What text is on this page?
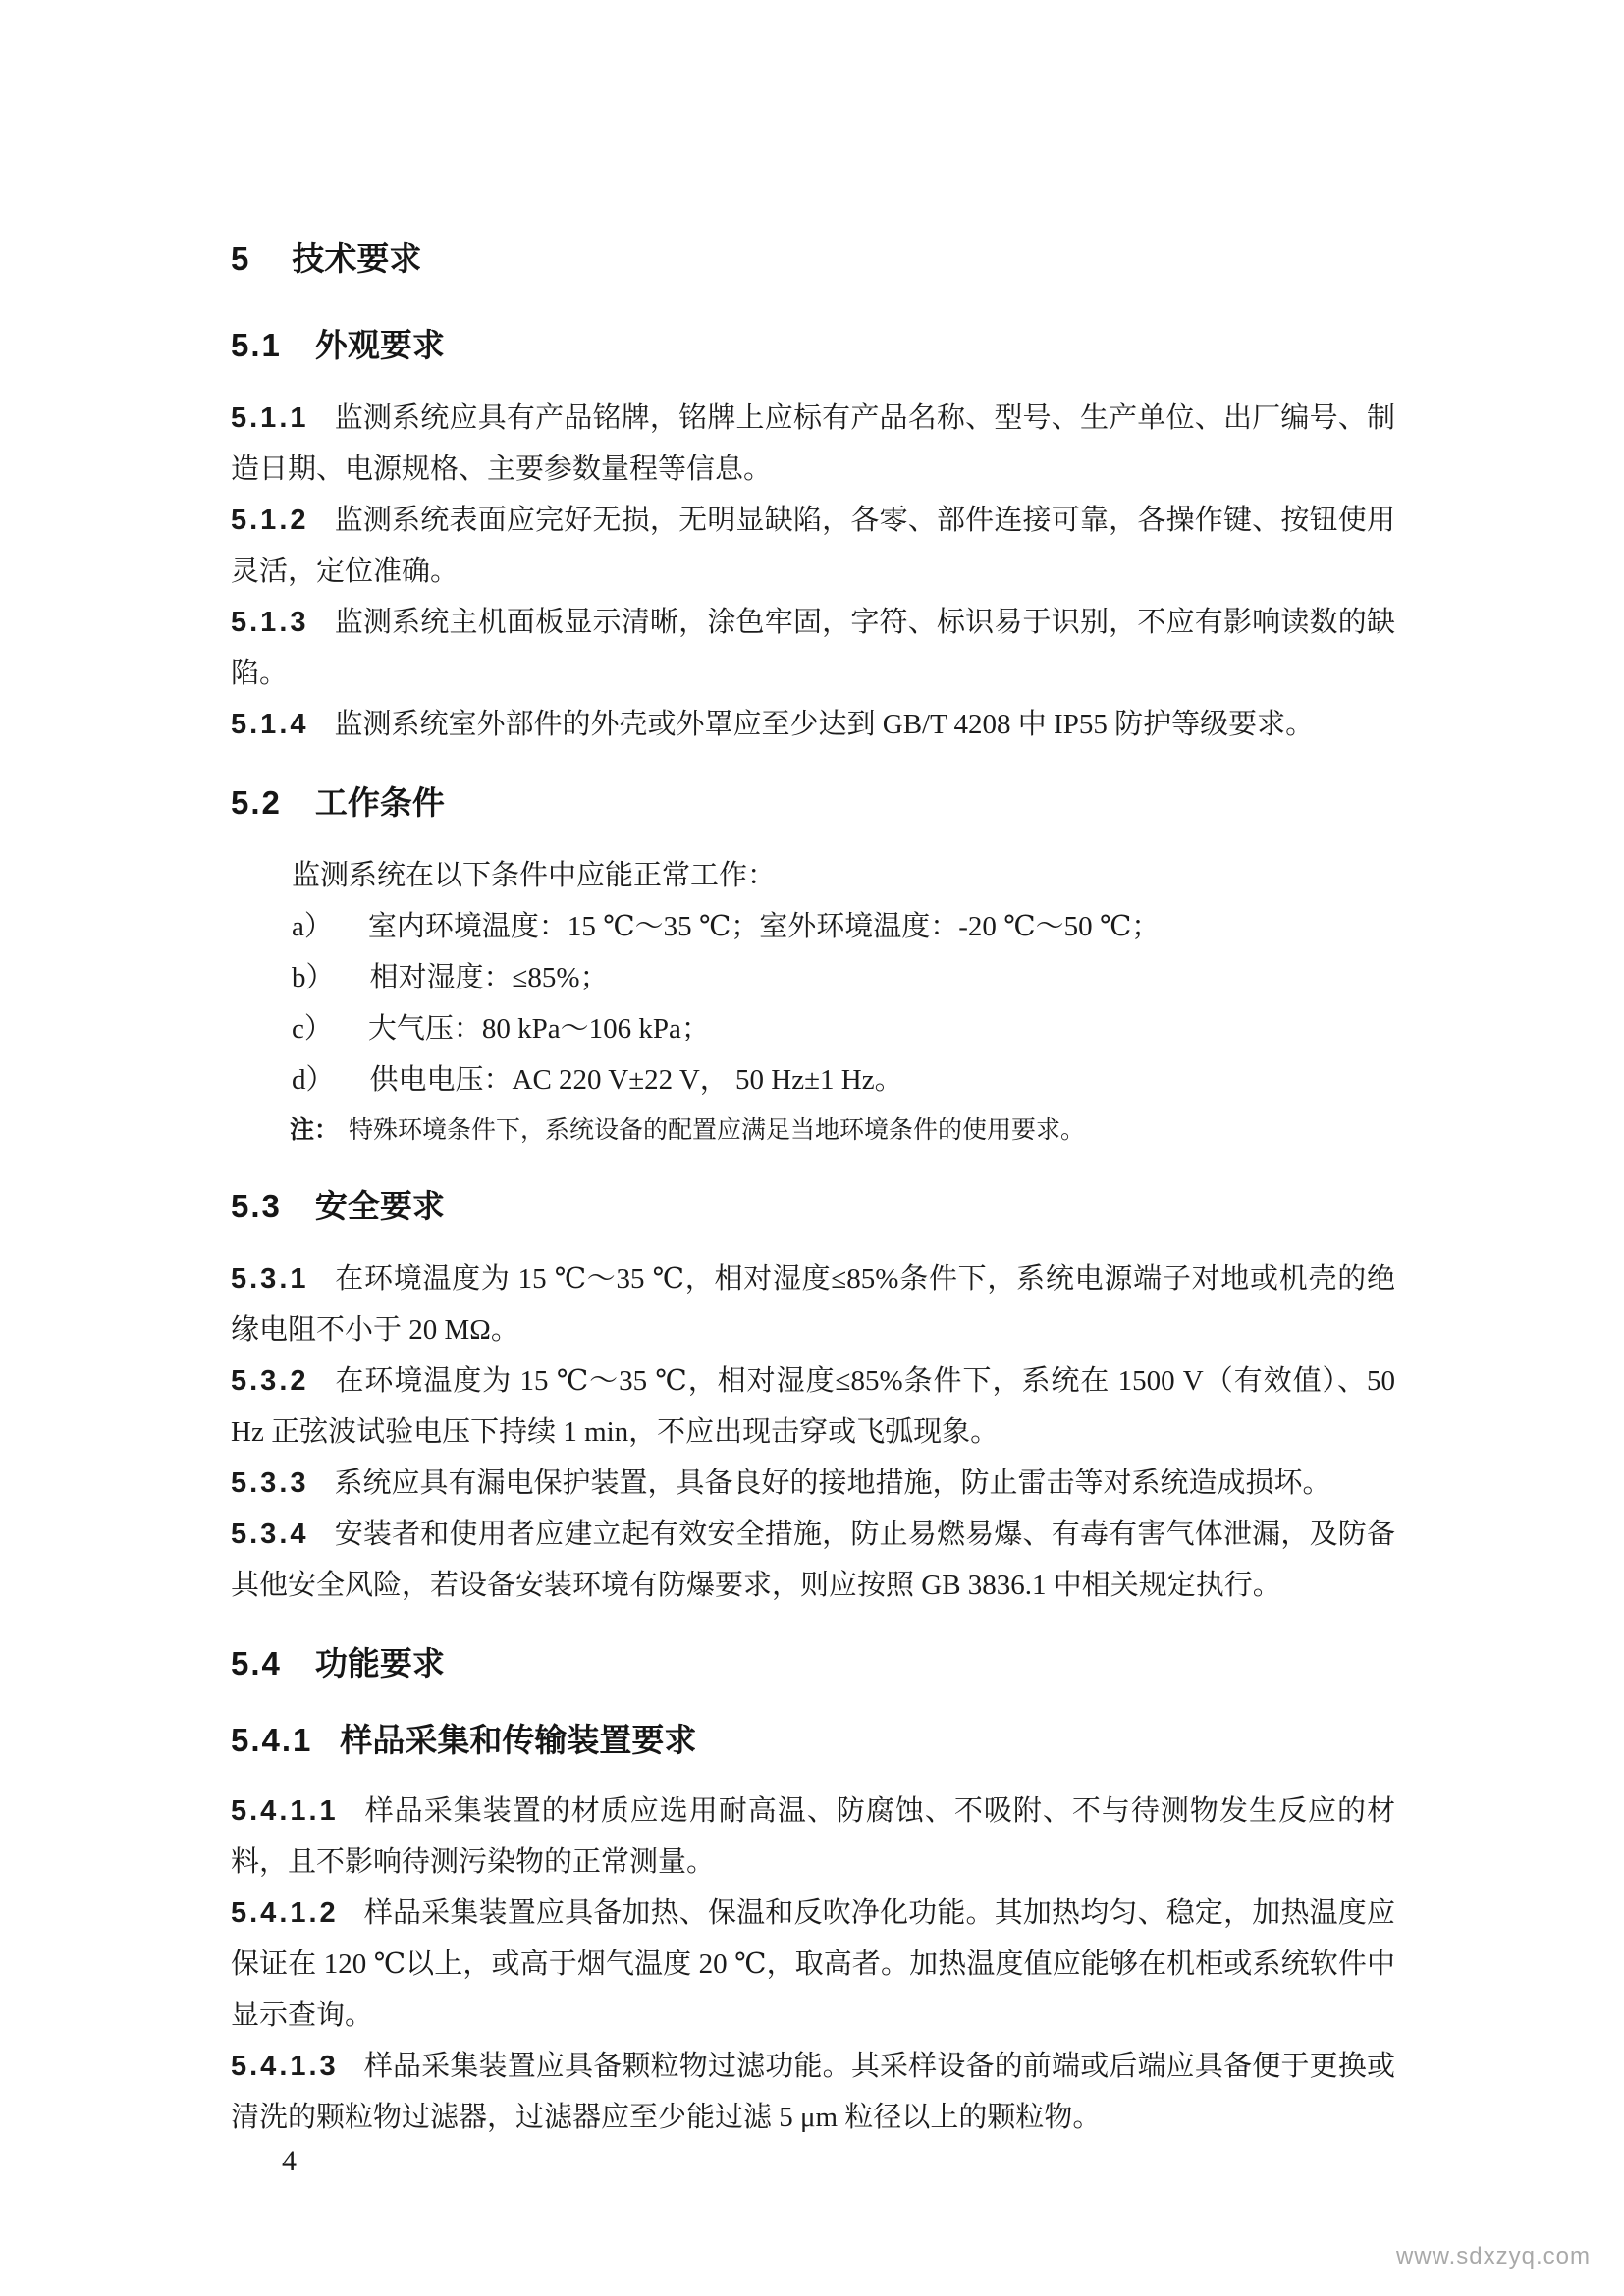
5 技术要求

5.1 外观要求

5.1.1 监测系统应具有产品铭牌，铭牌上应标有产品名称、型号、生产单位、出厂编号、制造日期、电源规格、主要参数量程等信息。

5.1.2 监测系统表面应完好无损，无明显缺陷，各零、部件连接可靠，各操作键、按钮使用灵活，定位准确。

5.1.3 监测系统主机面板显示清晰，涂色牢固，字符、标识易于识别，不应有影响读数的缺陷。

5.1.4 监测系统室外部件的外壳或外罩应至少达到 GB/T 4208 中 IP55 防护等级要求。

5.2 工作条件

监测系统在以下条件中应能正常工作：

a） 室内环境温度：15 ℃～35 ℃；室外环境温度：-20 ℃～50 ℃；

b） 相对湿度：≤85%；

c） 大气压：80 kPa～106 kPa；

d） 供电电压：AC 220 V±22 V， 50 Hz±1 Hz。

注： 特殊环境条件下，系统设备的配置应满足当地环境条件的使用要求。

5.3 安全要求

5.3.1 在环境温度为 15 ℃～35 ℃，相对湿度≤85%条件下，系统电源端子对地或机壳的绝缘电阻不小于 20 MΩ。

5.3.2 在环境温度为 15 ℃～35 ℃，相对湿度≤85%条件下，系统在 1500 V（有效值）、50 Hz 正弦波试验电压下持续 1 min，不应出现击穿或飞弧现象。

5.3.3 系统应具有漏电保护装置，具备良好的接地措施，防止雷击等对系统造成损坏。

5.3.4 安装者和使用者应建立起有效安全措施，防止易燃易爆、有毒有害气体泄漏，及防备其他安全风险，若设备安装环境有防爆要求，则应按照 GB 3836.1 中相关规定执行。

5.4 功能要求

5.4.1 样品采集和传输装置要求

5.4.1.1 样品采集装置的材质应选用耐高温、防腐蚀、不吸附、不与待测物发生反应的材料，且不影响待测污染物的正常测量。

5.4.1.2 样品采集装置应具备加热、保温和反吹净化功能。其加热均匀、稳定，加热温度应保证在 120 ℃以上，或高于烟气温度 20 ℃，取高者。加热温度值应能够在机柜或系统软件中显示查询。

5.4.1.3 样品采集装置应具备颗粒物过滤功能。其采样设备的前端或后端应具备便于更换或清洗的颗粒物过滤器，过滤器应至少能过滤 5 μm 粒径以上的颗粒物。

4
www.sdxzyq.com
